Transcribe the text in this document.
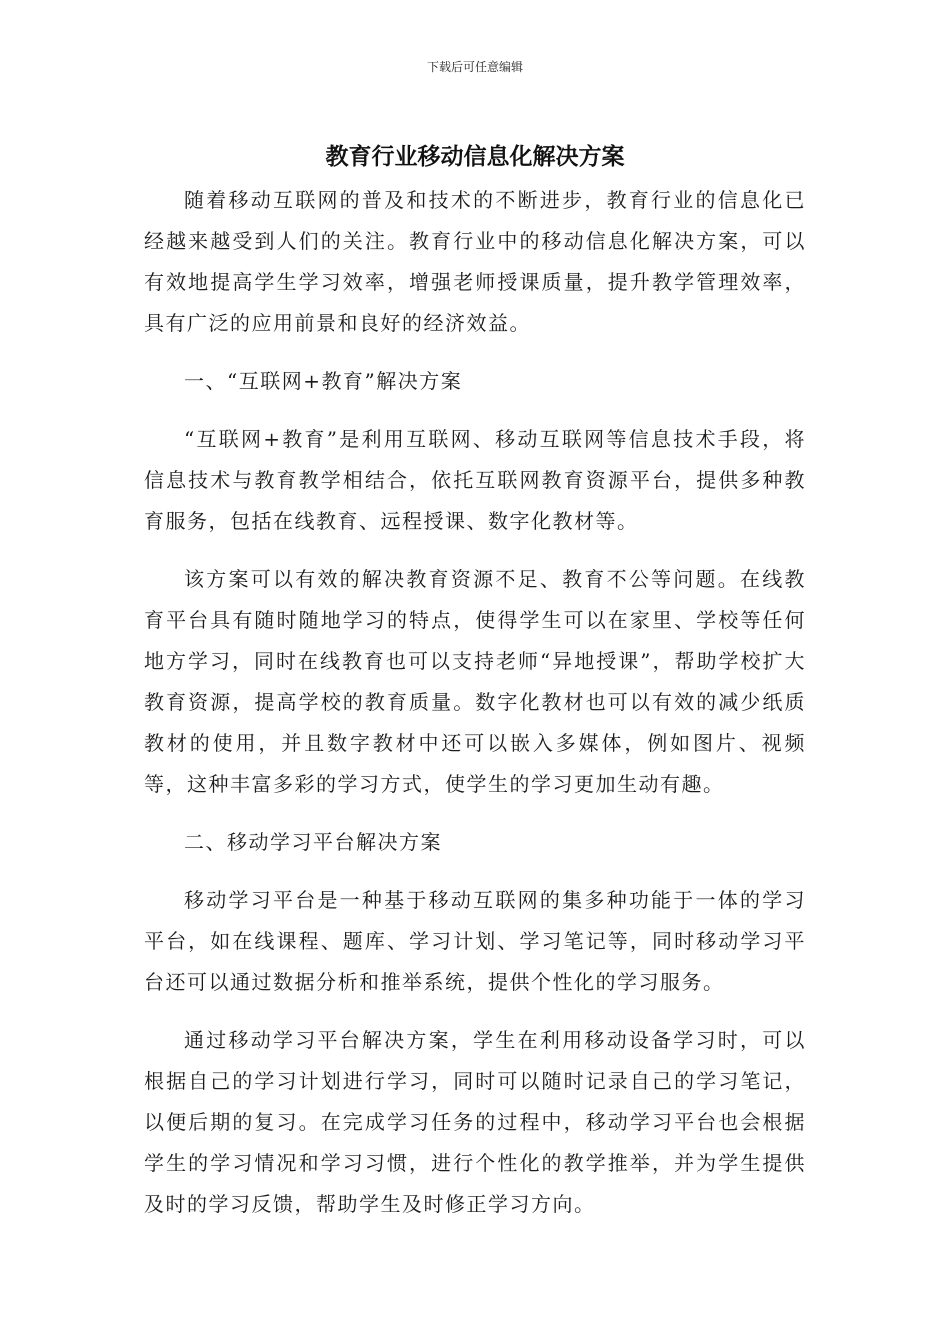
下载后可任意编辑
教育行业移动信息化解决方案

随着移动互联网的普及和技术的不断进步，教育行业的信息化已经越来越受到人们的关注。教育行业中的移动信息化解决方案，可以有效地提高学生学习效率，增强老师授课质量，提升教学管理效率，具有广泛的应用前景和良好的经济效益。

一、“互联网+教育”解决方案

“互联网+教育”是利用互联网、移动互联网等信息技术手段，将信息技术与教育教学相结合，依托互联网教育资源平台，提供多种教育服务，包括在线教育、远程授课、数字化教材等。

该方案可以有效的解决教育资源不足、教育不公等问题。在线教育平台具有随时随地学习的特点，使得学生可以在家里、学校等任何地方学习，同时在线教育也可以支持老师“异地授课”，帮助学校扩大教育资源，提高学校的教育质量。数字化教材也可以有效的减少纸质教材的使用，并且数字教材中还可以嵌入多媒体，例如图片、视频等，这种丰富多彩的学习方式，使学生的学习更加生动有趣。

二、移动学习平台解决方案

移动学习平台是一种基于移动互联网的集多种功能于一体的学习平台，如在线课程、题库、学习计划、学习笔记等，同时移动学习平台还可以通过数据分析和推举系统，提供个性化的学习服务。

通过移动学习平台解决方案，学生在利用移动设备学习时，可以根据自己的学习计划进行学习，同时可以随时记录自己的学习笔记，以便后期的复习。在完成学习任务的过程中，移动学习平台也会根据学生的学习情况和学习习惯，进行个性化的教学推举，并为学生提供及时的学习反馈，帮助学生及时修正学习方向。
